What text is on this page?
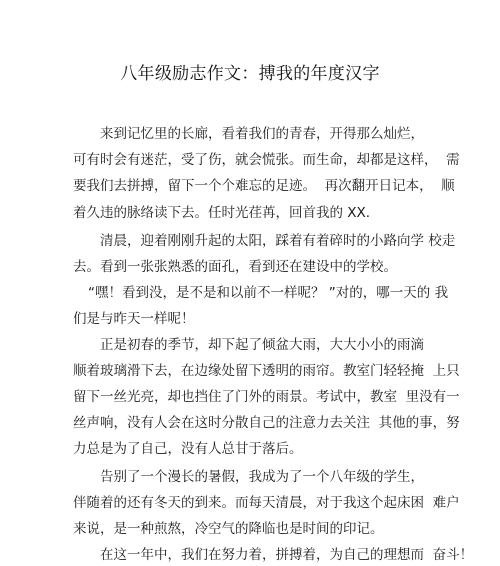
八年级励志作文：搏我的年度汉字
来到记忆里的长廊，看着我们的青春，开得那么灿烂，
可有时会有迷茫，受了伤，就会慌张。而生命，却都是这样，  需
要我们去拼搏，留下一个个难忘的足迹。  再次翻开日记本，  顺
着久违的脉络读下去。任时光荏苒，回首我的 XX.
清晨，迎着刚刚升起的太阳，踩着有着碎时的小路向学 校走
去。看到一张张熟悉的面孔，看到还在建设中的学校。
“嘿！看到没，是不是和以前不一样呢？ ”对的，哪一天的 我
们是与昨天一样呢！
正是初春的季节，却下起了倾盆大雨，大大小小的雨滴
顺着玻璃滑下去，在边缘处留下透明的雨帘。教室门轻轻掩  上只
留下一丝光亮，却也挡住了门外的雨景。考试中，教室  里没有一
丝声响，没有人会在这时分散自己的注意力去关注  其他的事，努
力总是为了自己，没有人总甘于落后。
告别了一个漫长的暑假，我成为了一个八年级的学生，
伴随着的还有冬天的到来。而每天清晨，对于我这个起床困  难户
来说，是一种煎熬，冷空气的降临也是时间的印记。
在这一年中，我们在努力着，拼搏着，为自己的理想而  奋斗！
